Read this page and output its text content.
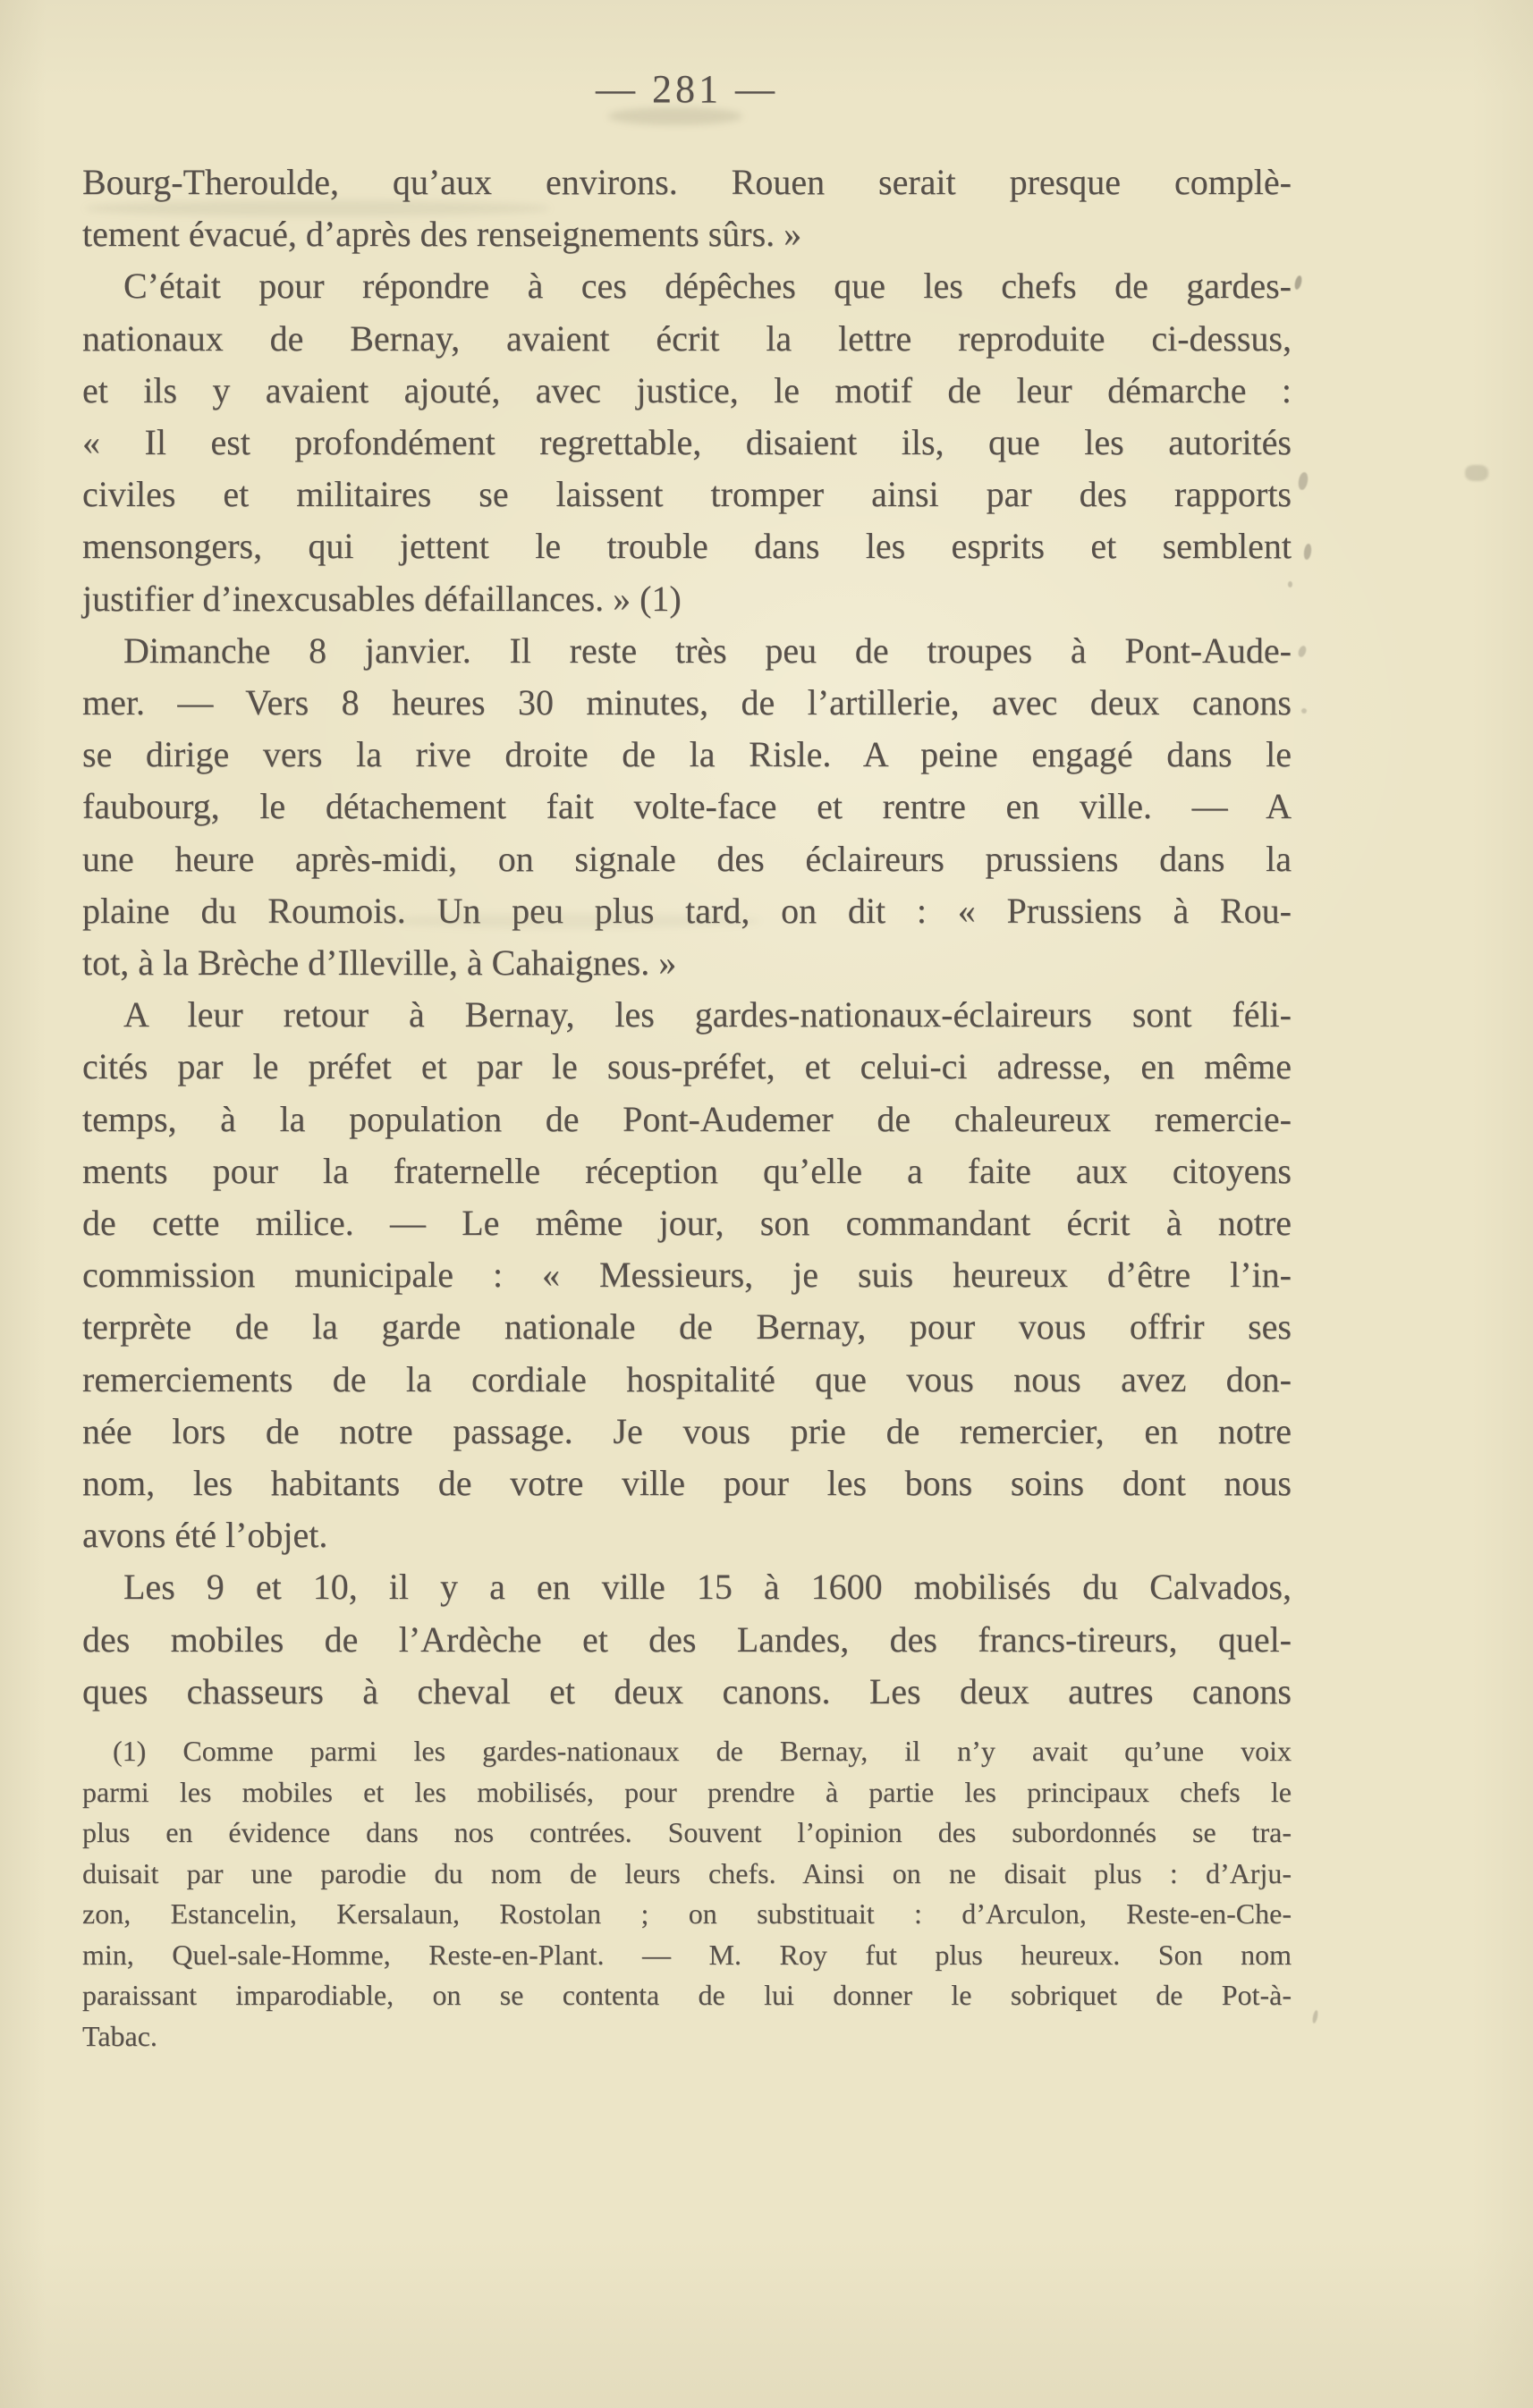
— 281 —
Bourg-Theroulde, qu’aux environs. Rouen serait presque complè-
tement évacué, d’après des renseignements sûrs. »
C’était pour répondre à ces dépêches que les chefs de gardes-
nationaux de Bernay, avaient écrit la lettre reproduite ci-dessus,
et ils y avaient ajouté, avec justice, le motif de leur démarche :
« Il est profondément regrettable, disaient ils, que les autorités
civiles et militaires se laissent tromper ainsi par des rapports
mensongers, qui jettent le trouble dans les esprits et semblent
justifier d’inexcusables défaillances. » (1)
Dimanche 8 janvier. Il reste très peu de troupes à Pont-Aude-
mer. — Vers 8 heures 30 minutes, de l’artillerie, avec deux canons
se dirige vers la rive droite de la Risle. A peine engagé dans le
faubourg, le détachement fait volte-face et rentre en ville. — A
une heure après-midi, on signale des éclaireurs prussiens dans la
plaine du Roumois. Un peu plus tard, on dit : « Prussiens à Rou-
tot, à la Brèche d’Illeville, à Cahaignes. »
A leur retour à Bernay, les gardes-nationaux-éclaireurs sont féli-
cités par le préfet et par le sous-préfet, et celui-ci adresse, en même
temps, à la population de Pont-Audemer de chaleureux remercie-
ments pour la fraternelle réception qu’elle a faite aux citoyens
de cette milice. — Le même jour, son commandant écrit à notre
commission municipale : « Messieurs, je suis heureux d’être l’in-
terprète de la garde nationale de Bernay, pour vous offrir ses
remerciements de la cordiale hospitalité que vous nous avez don-
née lors de notre passage. Je vous prie de remercier, en notre
nom, les habitants de votre ville pour les bons soins dont nous
avons été l’objet.
Les 9 et 10, il y a en ville 15 à 1600 mobilisés du Calvados,
des mobiles de l’Ardèche et des Landes, des francs-tireurs, quel-
ques chasseurs à cheval et deux canons. Les deux autres canons
(1) Comme parmi les gardes-nationaux de Bernay, il n’y avait qu’une voix
parmi les mobiles et les mobilisés, pour prendre à partie les principaux chefs le
plus en évidence dans nos contrées. Souvent l’opinion des subordonnés se tra-
duisait par une parodie du nom de leurs chefs. Ainsi on ne disait plus : d’Arju-
zon, Estancelin, Kersalaun, Rostolan ; on substituait : d’Arculon, Reste-en-Che-
min, Quel-sale-Homme, Reste-en-Plant. — M. Roy fut plus heureux. Son nom
paraissant imparodiable, on se contenta de lui donner le sobriquet de Pot-à-
Tabac.
